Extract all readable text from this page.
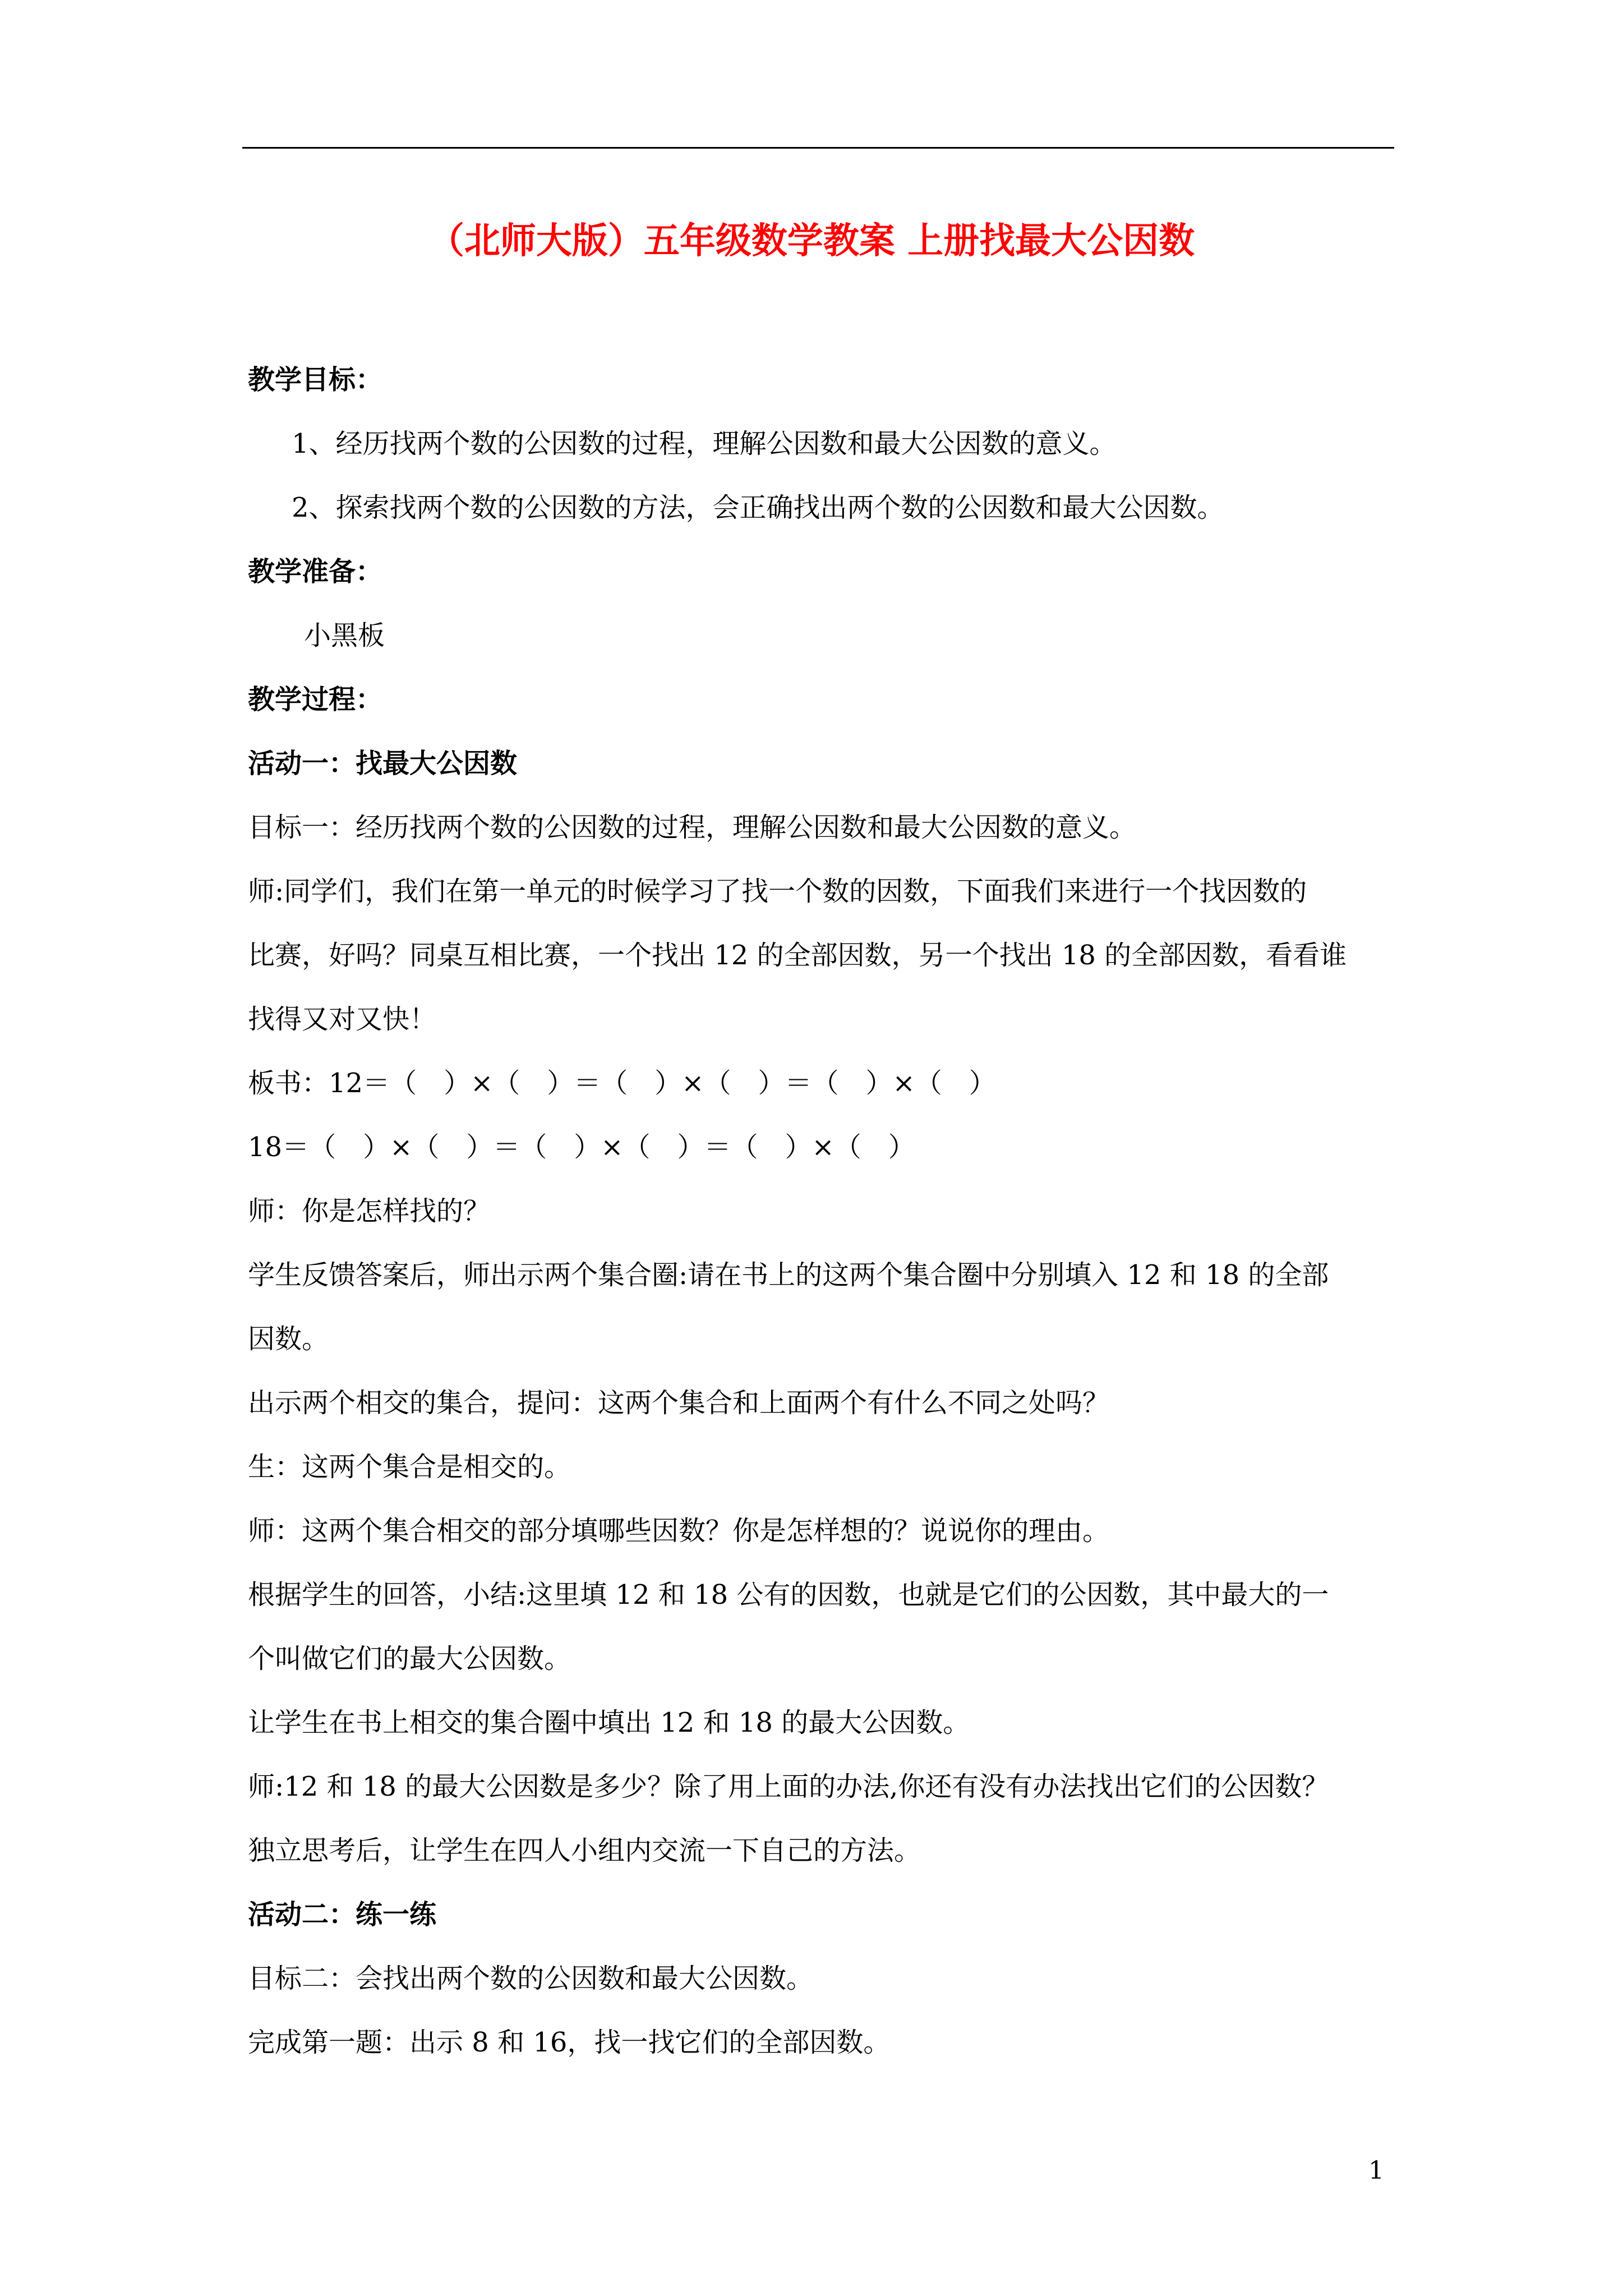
（北师大版）五年级数学教案 上册找最大公因数

教学目标：

1、经历找两个数的公因数的过程，理解公因数和最大公因数的意义。

2、探索找两个数的公因数的方法，会正确找出两个数的公因数和最大公因数。

教学准备：

小黑板

教学过程：

活动一：找最大公因数

目标一：经历找两个数的公因数的过程，理解公因数和最大公因数的意义。

师:同学们，我们在第一单元的时候学习了找一个数的因数，下面我们来进行一个找因数的

比赛，好吗？同桌互相比赛，一个找出 12 的全部因数，另一个找出 18 的全部因数，看看谁

找得又对又快！

板书：12＝（　）×（　）＝（　）×（　）＝（　）×（　）

18＝（　）×（　）＝（　）×（　）＝（　）×（　）

师：你是怎样找的？

学生反馈答案后，师出示两个集合圈:请在书上的这两个集合圈中分别填入 12 和 18 的全部

因数。

出示两个相交的集合，提问：这两个集合和上面两个有什么不同之处吗？

生：这两个集合是相交的。

师：这两个集合相交的部分填哪些因数？你是怎样想的？说说你的理由。

根据学生的回答，小结:这里填 12 和 18 公有的因数，也就是它们的公因数，其中最大的一

个叫做它们的最大公因数。

让学生在书上相交的集合圈中填出 12 和 18 的最大公因数。

师:12 和 18 的最大公因数是多少？除了用上面的办法,你还有没有办法找出它们的公因数？

独立思考后，让学生在四人小组内交流一下自己的方法。

活动二：练一练

目标二：会找出两个数的公因数和最大公因数。

完成第一题：出示 8 和 16，找一找它们的全部因数。

1
